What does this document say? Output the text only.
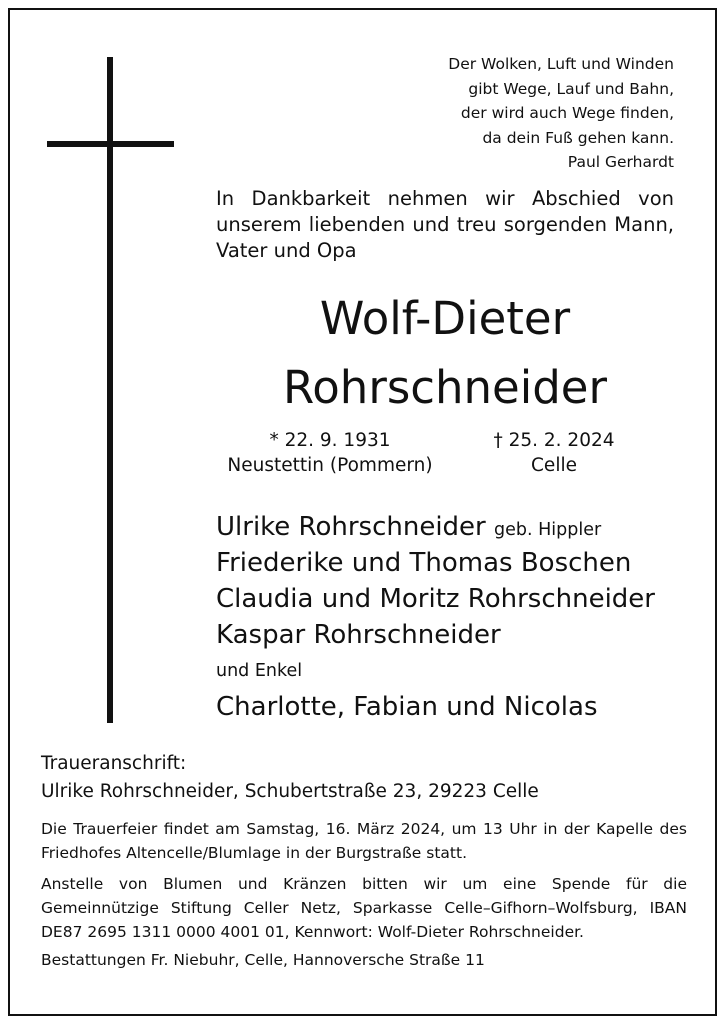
Der Wolken, Luft und Winden
gibt Wege, Lauf und Bahn,
der wird auch Wege finden,
da dein Fuß gehen kann.
Paul Gerhardt
In Dankbarkeit nehmen wir Abschied von unserem liebenden und treu sorgenden Mann, Vater und Opa
Wolf-Dieter
Rohrschneider
* 22. 9. 1931
Neustettin (Pommern)
† 25. 2. 2024
Celle
Ulrike Rohrschneider geb. Hippler
Friederike und Thomas Boschen
Claudia und Moritz Rohrschneider
Kaspar Rohrschneider
und Enkel
Charlotte, Fabian und Nicolas
Traueranschrift:
Ulrike Rohrschneider, Schubertstraße 23, 29223 Celle
Die Trauerfeier findet am Samstag, 16. März 2024, um 13 Uhr in der Kapelle des Friedhofes Altencelle/Blumlage in der Burgstraße statt.
Anstelle von Blumen und Kränzen bitten wir um eine Spende für die Gemeinnützige Stiftung Celler Netz, Sparkasse Celle–Gifhorn–Wolfsburg, IBAN DE87 2695 1311 0000 4001 01, Kennwort: Wolf-Dieter Rohrschneider.
Bestattungen Fr. Niebuhr, Celle, Hannoversche Straße 11
